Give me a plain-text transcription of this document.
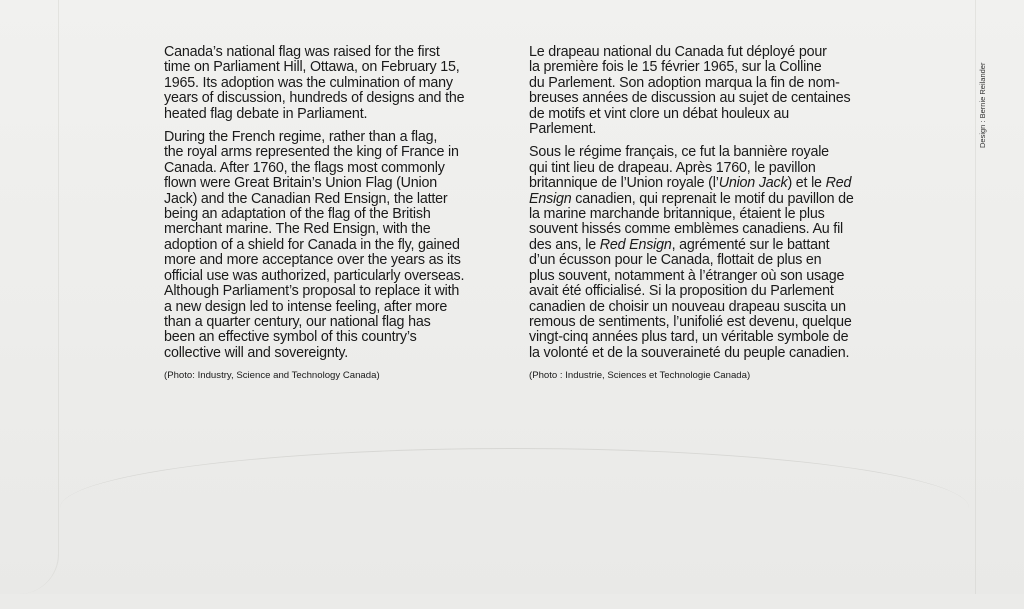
Canada’s national flag was raised for the first
time on Parliament Hill, Ottawa, on February 15,
1965. Its adoption was the culmination of many
years of discussion, hundreds of designs and the
heated flag debate in Parliament.

During the French regime, rather than a flag,
the royal arms represented the king of France in
Canada. After 1760, the flags most commonly
flown were Great Britain’s Union Flag (Union
Jack) and the Canadian Red Ensign, the latter
being an adaptation of the flag of the British
merchant marine. The Red Ensign, with the
adoption of a shield for Canada in the fly, gained
more and more acceptance over the years as its
official use was authorized, particularly overseas.
Although Parliament’s proposal to replace it with
a new design led to intense feeling, after more
than a quarter century, our national flag has
been an effective symbol of this country’s
collective will and sovereignty.

(Photo: Industry, Science and Technology Canada)

Le drapeau national du Canada fut déployé pour
la première fois le 15 février 1965, sur la Colline
du Parlement. Son adoption marqua la fin de nom-
breuses années de discussion au sujet de centaines
de motifs et vint clore un débat houleux au
Parlement.

Sous le régime français, ce fut la bannière royale
qui tint lieu de drapeau. Après 1760, le pavillon
britannique de l’Union royale (l’Union Jack) et le Red
Ensign canadien, qui reprenait le motif du pavillon de
la marine marchande britannique, étaient le plus
souvent hissés comme emblèmes canadiens. Au fil
des ans, le Red Ensign, agrémenté sur le battant
d’un écusson pour le Canada, flottait de plus en
plus souvent, notamment à l’étranger où son usage
avait été officialisé. Si la proposition du Parlement
canadien de choisir un nouveau drapeau suscita un
remous de sentiments, l’unifolié est devenu, quelque
vingt-cinq années plus tard, un véritable symbole de
la volonté et de la souveraineté du peuple canadien.

(Photo : Industrie, Sciences et Technologie Canada)
Design : Bernie Reilander
